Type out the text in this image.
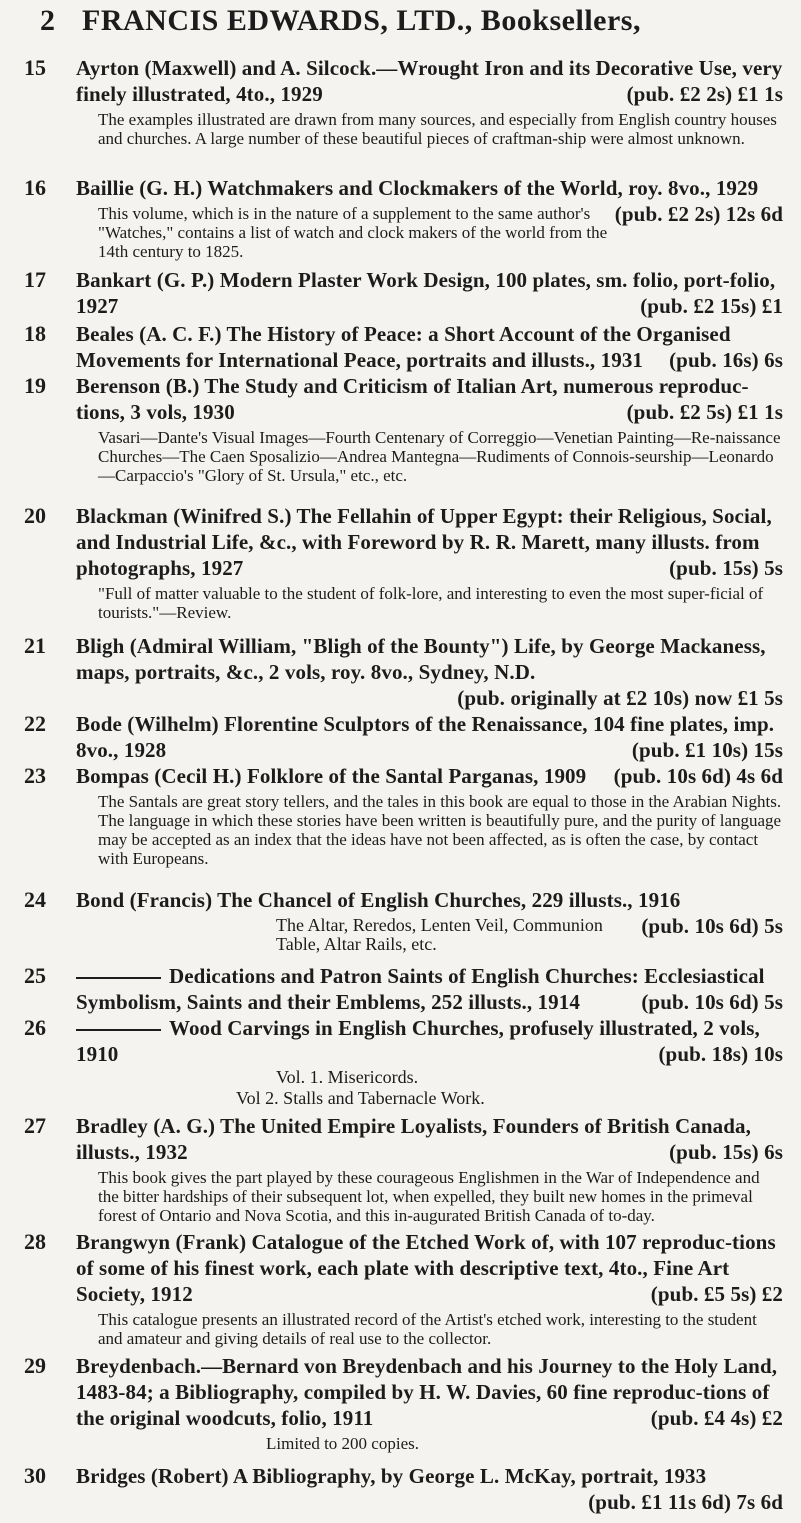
2 FRANCIS EDWARDS, LTD., Booksellers,
15	Ayrton (Maxwell) and A. Silcock.—Wrought Iron and its Decorative Use, very finely illustrated, 4to., 1929	(pub. £2 2s) £1 1s
The examples illustrated are drawn from many sources, and especially from English country houses and churches. A large number of these beautiful pieces of craftman-ship were almost unknown.
16	Baillie (G. H.) Watchmakers and Clockmakers of the World, roy. 8vo., 1929
(pub. £2 2s) 12s 6d
This volume, which is in the nature of a supplement to the same author's "Watches," contains a list of watch and clock makers of the world from the 14th century to 1825.
17	Bankart (G. P.) Modern Plaster Work Design, 100 plates, sm. folio, port-folio, 1927	(pub. £2 15s) £1
18	Beales (A. C. F.) The History of Peace: a Short Account of the Organised Movements for International Peace, portraits and illusts., 1931 (pub. 16s) 6s
19	Berenson (B.) The Study and Criticism of Italian Art, numerous reproduc-tions, 3 vols, 1930	(pub. £2 5s) £1 1s
Vasari—Dante's Visual Images—Fourth Centenary of Correggio—Venetian Painting—Re-naissance Churches—The Caen Sposalizio—Andrea Mantegna—Rudiments of Connois-seurship—Leonardo—Carpaccio's "Glory of St. Ursula," etc., etc.
20	Blackman (Winifred S.) The Fellahin of Upper Egypt: their Religious, Social, and Industrial Life, &c., with Foreword by R. R. Marett, many illusts. from photographs, 1927	(pub. 15s) 5s
"Full of matter valuable to the student of folk-lore, and interesting to even the most super-ficial of tourists."—Review.
21	Bligh (Admiral William, "Bligh of the Bounty") Life, by George Mackaness, maps, portraits, &c., 2 vols, roy. 8vo., Sydney, N.D.
(pub. originally at £2 10s) now £1 5s
22	Bode (Wilhelm) Florentine Sculptors of the Renaissance, 104 fine plates, imp. 8vo., 1928	(pub. £1 10s) 15s
23	Bompas (Cecil H.) Folklore of the Santal Parganas, 1909 (pub. 10s 6d) 4s 6d
The Santals are great story tellers, and the tales in this book are equal to those in the Arabian Nights. The language in which these stories have been written is beautifully pure, and the purity of language may be accepted as an index that the ideas have not been affected, as is often the case, by contact with Europeans.
24	Bond (Francis) The Chancel of English Churches, 229 illusts., 1916
(pub. 10s 6d) 5s
The Altar, Reredos, Lenten Veil, Communion Table, Altar Rails, etc.
25	Dedications and Patron Saints of English Churches: Ecclesiastical Symbolism, Saints and their Emblems, 252 illusts., 1914	(pub. 10s 6d) 5s
26	Wood Carvings in English Churches, profusely illustrated, 2 vols, 1910	(pub. 18s) 10s
Vol. 1. Misericords.
Vol 2. Stalls and Tabernacle Work.
27	Bradley (A. G.) The United Empire Loyalists, Founders of British Canada, illusts., 1932	(pub. 15s) 6s
This book gives the part played by these courageous Englishmen in the War of Independence and the bitter hardships of their subsequent lot, when expelled, they built new homes in the primeval forest of Ontario and Nova Scotia, and this in-augurated British Canada of to-day.
28	Brangwyn (Frank) Catalogue of the Etched Work of, with 107 reproduc-tions of some of his finest work, each plate with descriptive text, 4to., Fine Art Society, 1912	(pub. £5 5s) £2
This catalogue presents an illustrated record of the Artist's etched work, interesting to the student and amateur and giving details of real use to the collector.
29	Breydenbach.—Bernard von Breydenbach and his Journey to the Holy Land, 1483-84; a Bibliography, compiled by H. W. Davies, 60 fine reproduc-tions of the original woodcuts, folio, 1911	(pub. £4 4s) £2
Limited to 200 copies.
30	Bridges (Robert) A Bibliography, by George L. McKay, portrait, 1933
(pub. £1 11s 6d) 7s 6d
